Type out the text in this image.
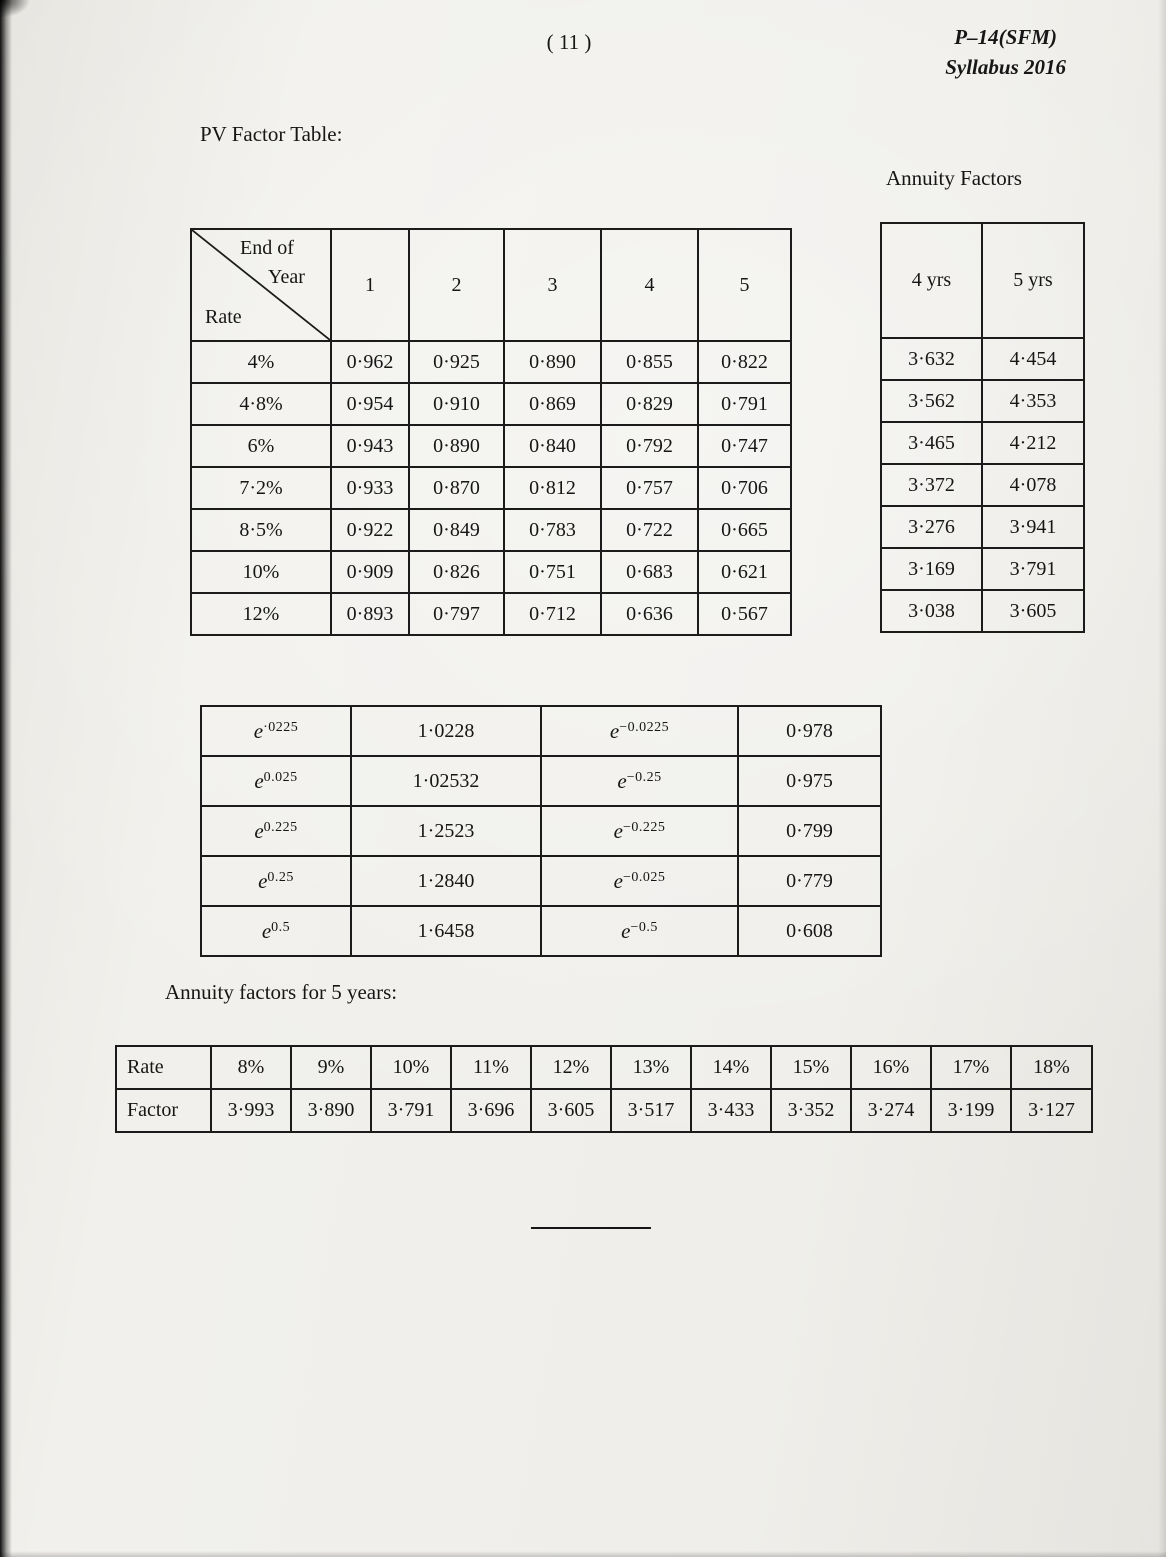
( 11 )	P–14(SFM)
Syllabus 2016
PV Factor Table:
Annuity Factors
End of
Year
Rate	1	2	3	4	5
4%	0·962	0·925	0·890	0·855	0·822
4·8%	0·954	0·910	0·869	0·829	0·791
6%	0·943	0·890	0·840	0·792	0·747
7·2%	0·933	0·870	0·812	0·757	0·706
8·5%	0·922	0·849	0·783	0·722	0·665
10%	0·909	0·826	0·751	0·683	0·621
12%	0·893	0·797	0·712	0·636	0·567
4 yrs	5 yrs
3·632	4·454
3·562	4·353
3·465	4·212
3·372	4·078
3·276	3·941
3·169	3·791
3·038	3·605
$e^{\cdot 0225}$	1·0228	$e^{-0.0225}$	0·978
$e^{0.025}$	1·02532	$e^{-0.25}$	0·975
$e^{0.225}$	1·2523	$e^{-0.225}$	0·799
$e^{0.25}$	1·2840	$e^{-0.025}$	0·779
$e^{0.5}$	1·6458	$e^{-0.5}$	0·608
Annuity factors for 5 years:
Rate	8%	9%	10%	11%	12%	13%	14%	15%	16%	17%	18%
Factor	3·993	3·890	3·791	3·696	3·605	3·517	3·433	3·352	3·274	3·199	3·127
